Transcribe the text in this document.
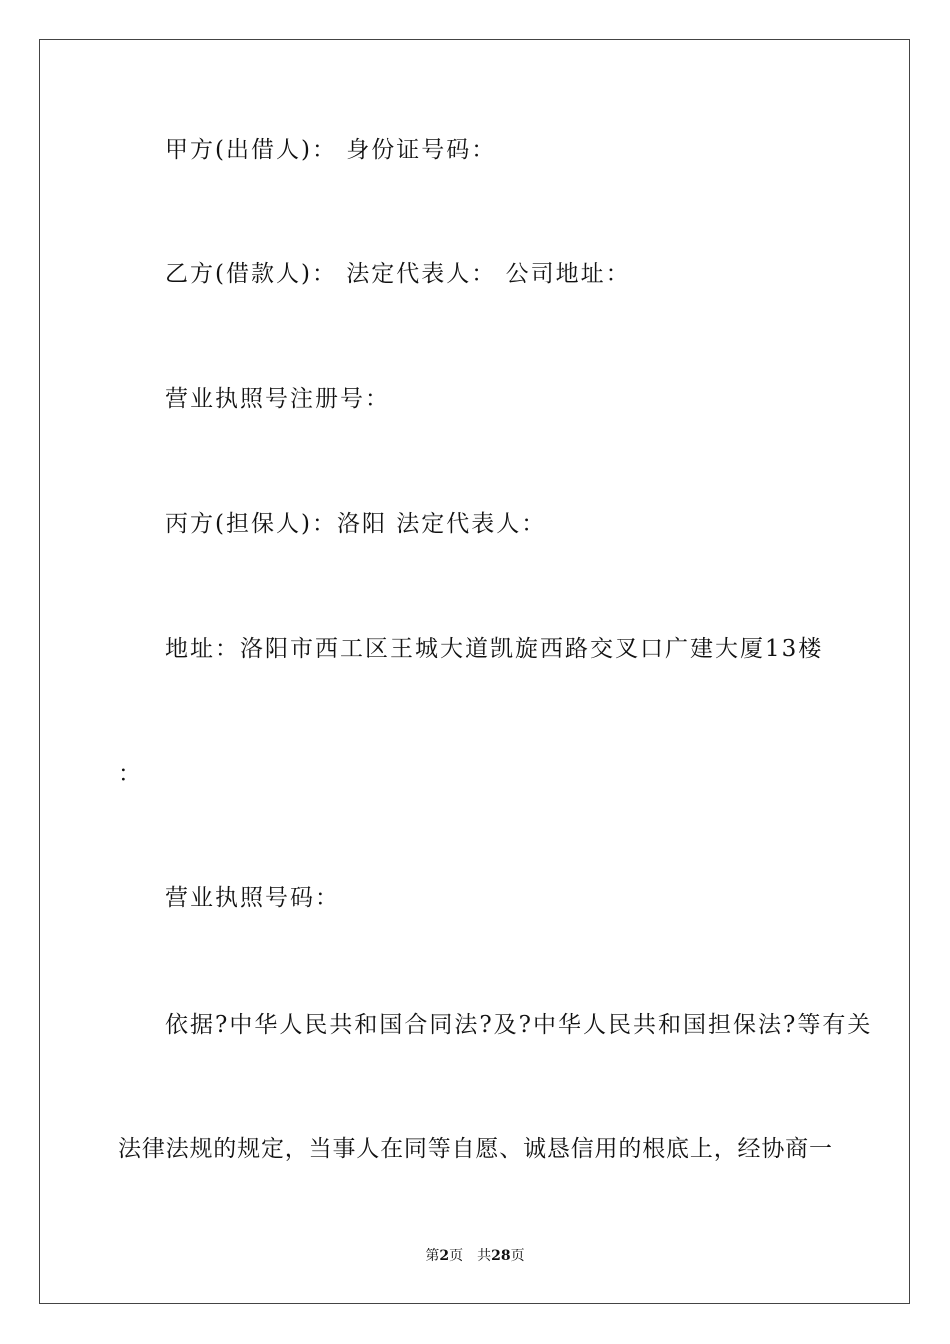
甲方(出借人)： 身份证号码：
乙方(借款人)： 法定代表人： 公司地址：
营业执照号注册号：
丙方(担保人)：洛阳 法定代表人：
地址：洛阳市西工区王城大道凯旋西路交叉口广建大厦13楼
：
营业执照号码：
依据?中华人民共和国合同法?及?中华人民共和国担保法?等有关
法律法规的规定，当事人在同等自愿、诚恳信用的根底上，经协商一
第2页 共28页
